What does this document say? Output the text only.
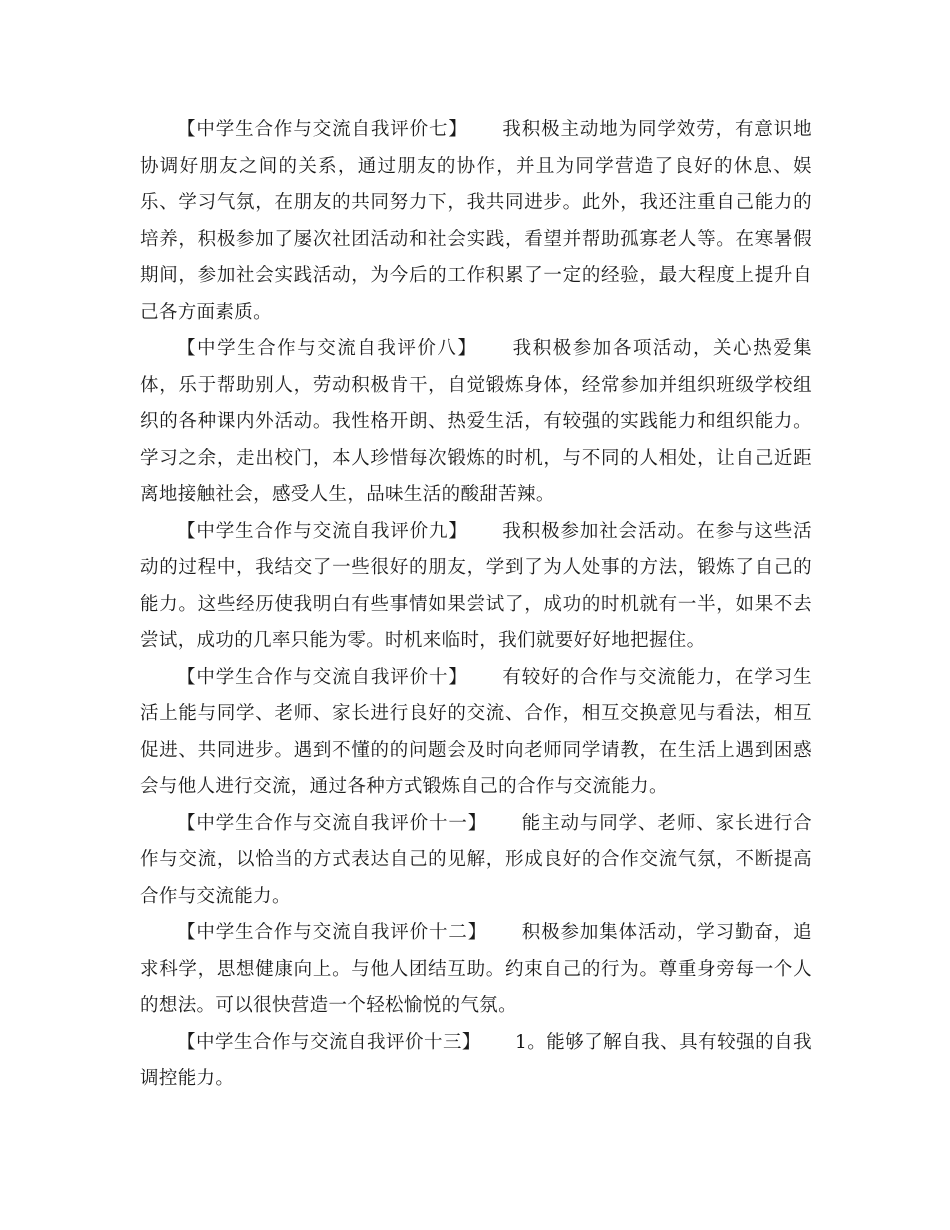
【中学生合作与交流自我评价七】 我积极主动地为同学效劳，有意识地协调好朋友之间的关系，通过朋友的协作，并且为同学营造了良好的休息、娱乐、学习气氛，在朋友的共同努力下，我共同进步。此外，我还注重自己能力的培养，积极参加了屡次社团活动和社会实践，看望并帮助孤寡老人等。在寒暑假期间，参加社会实践活动，为今后的工作积累了一定的经验，最大程度上提升自己各方面素质。

【中学生合作与交流自我评价八】 我积极参加各项活动，关心热爱集体，乐于帮助别人，劳动积极肯干，自觉锻炼身体，经常参加并组织班级学校组织的各种课内外活动。我性格开朗、热爱生活，有较强的实践能力和组织能力。学习之余，走出校门，本人珍惜每次锻炼的时机，与不同的人相处，让自己近距离地接触社会，感受人生，品味生活的酸甜苦辣。

【中学生合作与交流自我评价九】 我积极参加社会活动。在参与这些活动的过程中，我结交了一些很好的朋友，学到了为人处事的方法，锻炼了自己的能力。这些经历使我明白有些事情如果尝试了，成功的时机就有一半，如果不去尝试，成功的几率只能为零。时机来临时，我们就要好好地把握住。

【中学生合作与交流自我评价十】 有较好的合作与交流能力，在学习生活上能与同学、老师、家长进行良好的交流、合作，相互交换意见与看法，相互促进、共同进步。遇到不懂的的问题会及时向老师同学请教，在生活上遇到困惑会与他人进行交流，通过各种方式锻炼自己的合作与交流能力。

【中学生合作与交流自我评价十一】 能主动与同学、老师、家长进行合作与交流，以恰当的方式表达自己的见解，形成良好的合作交流气氛，不断提高合作与交流能力。

【中学生合作与交流自我评价十二】 积极参加集体活动，学习勤奋，追求科学，思想健康向上。与他人团结互助。约束自己的行为。尊重身旁每一个人的想法。可以很快营造一个轻松愉悦的气氛。

【中学生合作与交流自我评价十三】 1。能够了解自我、具有较强的自我调控能力。
